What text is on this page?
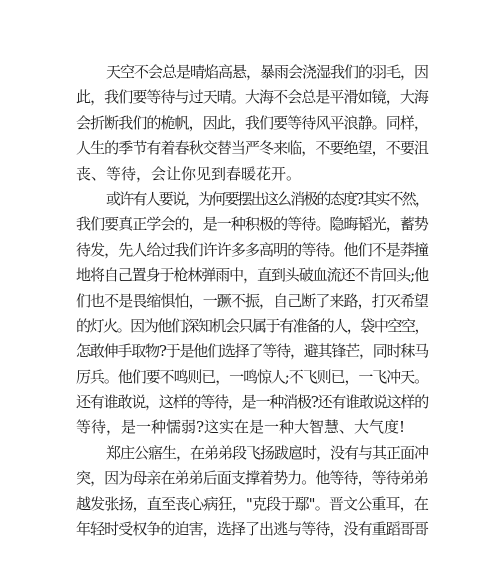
天空不会总是晴焰高悬，暴雨会浇湿我们的羽毛，因
此，我们要等待与过天晴。大海不会总是平滑如镜，大海
会折断我们的桅帆，因此，我们要等待风平浪静。同样，
人生的季节有着春秋交替当严冬来临，不要绝望，不要沮
丧、等待，会让你见到春暖花开。
或许有人要说，为何要摆出这么消极的态度?其实不然，
我们要真正学会的，是一种积极的等待。隐晦韬光，蓄势
待发，先人给过我们许许多多高明的等待。他们不是莽撞
地将自己置身于枪林弹雨中，直到头破血流还不肯回头;他
们也不是畏缩惧怕，一蹶不振，自己断了来路，打灭希望
的灯火。因为他们深知机会只属于有准备的人，袋中空空，
怎敢伸手取物?于是他们选择了等待，避其锋芒，同时秣马
厉兵。他们要不鸣则已，一鸣惊人;不飞则已，一飞冲天。
还有谁敢说，这样的等待，是一种消极?还有谁敢说这样的
等待，是一种懦弱?这实在是一种大智慧、大气度!
郑庄公寤生，在弟弟段飞扬跋扈时，没有与其正面冲
突，因为母亲在弟弟后面支撑着势力。他等待，等待弟弟
越发张扬，直至丧心病狂，"克段于鄢"。晋文公重耳，在
年轻时受权争的迫害，选择了出逃与等待，没有重蹈哥哥
